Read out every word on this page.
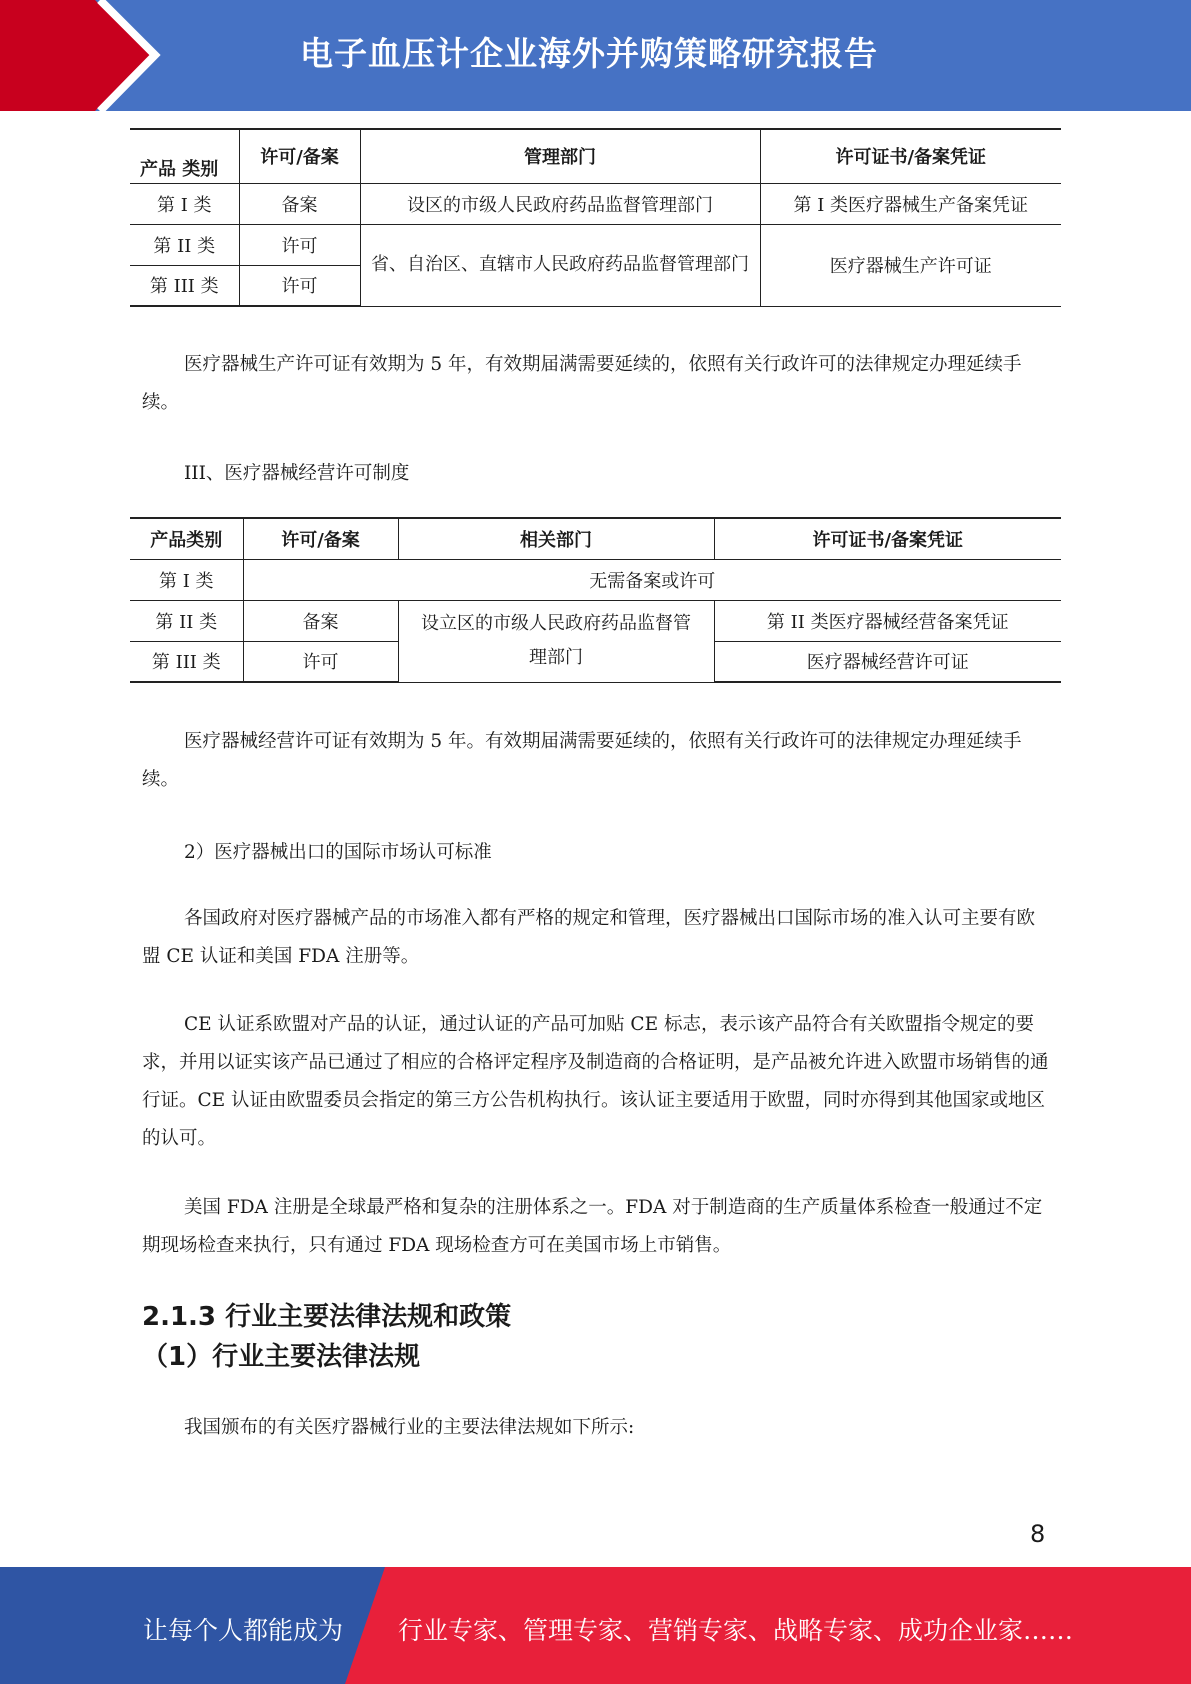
电子血压计企业海外并购策略研究报告
产品 类别	许可/备案	管理部门	许可证书/备案凭证
第 I 类	备案	设区的市级人民政府药品监督管理部门	第 I 类医疗器械生产备案凭证
第 II 类	许可	省、自治区、直辖市人民政府药品监督管理部门	医疗器械生产许可证
第 III 类	许可		

医疗器械生产许可证有效期为 5 年，有效期届满需要延续的，依照有关行政许可的法律规定办理延续手续。

III、医疗器械经营许可制度

产品类别	许可/备案	相关部门	许可证书/备案凭证
第 I 类	无需备案或许可		
第 II 类	备案	设立区的市级人民政府药品监督管理部门	第 II 类医疗器械经营备案凭证
第 III 类	许可		医疗器械经营许可证

医疗器械经营许可证有效期为 5 年。有效期届满需要延续的，依照有关行政许可的法律规定办理延续手续。

2）医疗器械出口的国际市场认可标准

各国政府对医疗器械产品的市场准入都有严格的规定和管理，医疗器械出口国际市场的准入认可主要有欧盟 CE 认证和美国 FDA 注册等。

CE 认证系欧盟对产品的认证，通过认证的产品可加贴 CE 标志，表示该产品符合有关欧盟指令规定的要求，并用以证实该产品已通过了相应的合格评定程序及制造商的合格证明，是产品被允许进入欧盟市场销售的通行证。CE 认证由欧盟委员会指定的第三方公告机构执行。该认证主要适用于欧盟，同时亦得到其他国家或地区的认可。

美国 FDA 注册是全球最严格和复杂的注册体系之一。FDA 对于制造商的生产质量体系检查一般通过不定期现场检查来执行，只有通过 FDA 现场检查方可在美国市场上市销售。

2.1.3 行业主要法律法规和政策

（1）行业主要法律法规

我国颁布的有关医疗器械行业的主要法律法规如下所示:

8
让每个人都能成为 行业专家、管理专家、营销专家、战略专家、成功企业家……
